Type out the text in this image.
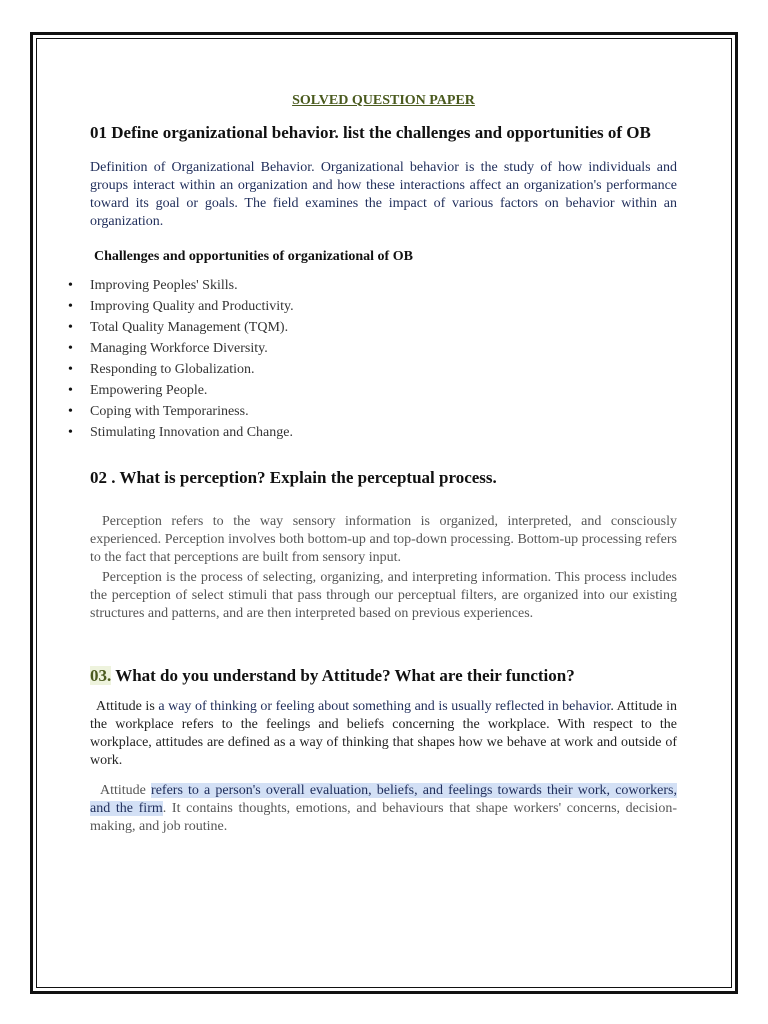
SOLVED QUESTION PAPER
01 Define organizational behavior. list the challenges and opportunities of OB

Definition of Organizational Behavior. Organizational behavior is the study of how individuals and groups interact within an organization and how these interactions affect an organization's performance toward its goal or goals. The field examines the impact of various factors on behavior within an organization.

Challenges and opportunities of organizational of OB
• Improving Peoples' Skills.
• Improving Quality and Productivity.
• Total Quality Management (TQM).
• Managing Workforce Diversity.
• Responding to Globalization.
• Empowering People.
• Coping with Temporariness.
• Stimulating Innovation and Change.
02 . What is perception? Explain the perceptual process.

Perception refers to the way sensory information is organized, interpreted, and consciously experienced. Perception involves both bottom-up and top-down processing. Bottom-up processing refers to the fact that perceptions are built from sensory input.

Perception is the process of selecting, organizing, and interpreting information. This process includes the perception of select stimuli that pass through our perceptual filters, are organized into our existing structures and patterns, and are then interpreted based on previous experiences.

03. What do you understand by Attitude? What are their function?

Attitude is a way of thinking or feeling about something and is usually reflected in behavior. Attitude in the workplace refers to the feelings and beliefs concerning the workplace. With respect to the workplace, attitudes are defined as a way of thinking that shapes how we behave at work and outside of work.

Attitude refers to a person's overall evaluation, beliefs, and feelings towards their work, coworkers, and the firm. It contains thoughts, emotions, and behaviours that shape workers' concerns, decision-making, and job routine.
